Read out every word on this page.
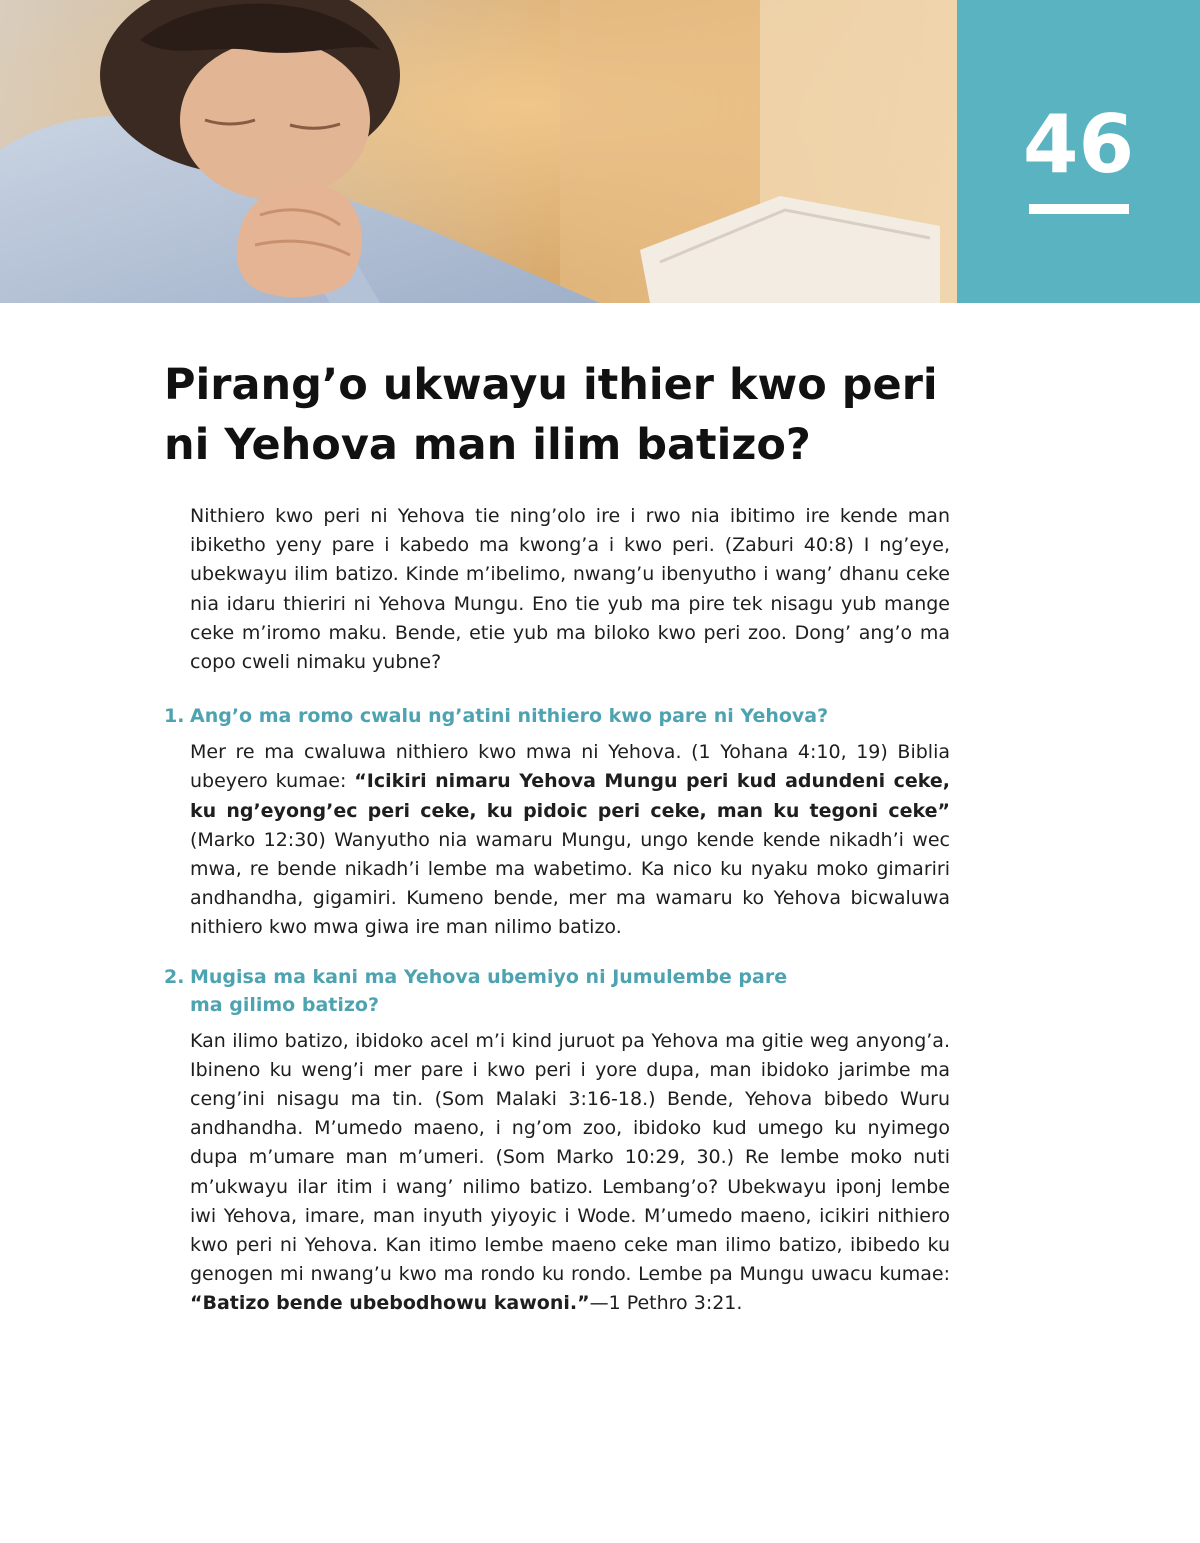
46
Pirang’o ukwayu ithier kwo peri
ni Yehova man ilim batizo?

Nithiero kwo peri ni Yehova tie ning’olo ire i rwo nia ibitimo ire kende man ibiketho yeny pare i kabedo ma kwong’a i kwo peri. (Zaburi 40:8) I ng’eye, ubekwayu ilim batizo. Kinde m’ibelimo, nwang’u ibenyutho i wang’ dhanu ceke nia idaru thieriri ni Yehova Mungu. Eno tie yub ma pire tek nisagu yub mange ceke m’iromo maku. Bende, etie yub ma biloko kwo peri zoo. Dong’ ang’o ma copo cweli nimaku yubne?

1. Ang’o ma romo cwalu ng’atini nithiero kwo pare ni Yehova?

Mer re ma cwaluwa nithiero kwo mwa ni Yehova. (1 Yohana 4:10, 19) Biblia ubeyero kumae: “Icikiri nimaru Yehova Mungu peri kud adundeni ceke, ku ng’eyong’ec peri ceke, ku pidoic peri ceke, man ku tegoni ceke” (Marko 12:30) Wanyutho nia wamaru Mungu, ungo kende kende nikadh’i wec mwa, re bende nikadh’i lembe ma wabetimo. Ka nico ku nyaku moko gimariri andhandha, gigamiri. Kumeno bende, mer ma wamaru ko Yehova bicwaluwa nithiero kwo mwa giwa ire man nilimo batizo.

2. Mugisa ma kani ma Yehova ubemiyo ni Jumulembe pare
ma gilimo batizo?

Kan ilimo batizo, ibidoko acel m’i kind juruot pa Yehova ma gitie weg anyong’a. Ibineno ku weng’i mer pare i kwo peri i yore dupa, man ibidoko jarimbe ma ceng’ini nisagu ma tin. (Som Malaki 3:16-18.) Bende, Yehova bibedo Wuru andhandha. M’umedo maeno, i ng’om zoo, ibidoko kud umego ku nyimego dupa m’umare man m’umeri. (Som Marko 10:29, 30.) Re lembe moko nuti m’ukwayu ilar itim i wang’ nilimo batizo. Lembang’o? Ubekwayu iponj lembe iwi Yehova, imare, man inyuth yiyoyic i Wode. M’umedo maeno, icikiri nithiero kwo peri ni Yehova. Kan itimo lembe maeno ceke man ilimo batizo, ibibedo ku genogen mi nwang’u kwo ma rondo ku rondo. Lembe pa Mungu uwacu kumae: “Batizo bende ubebodhowu kawoni.”—1 Pethro 3:21.
